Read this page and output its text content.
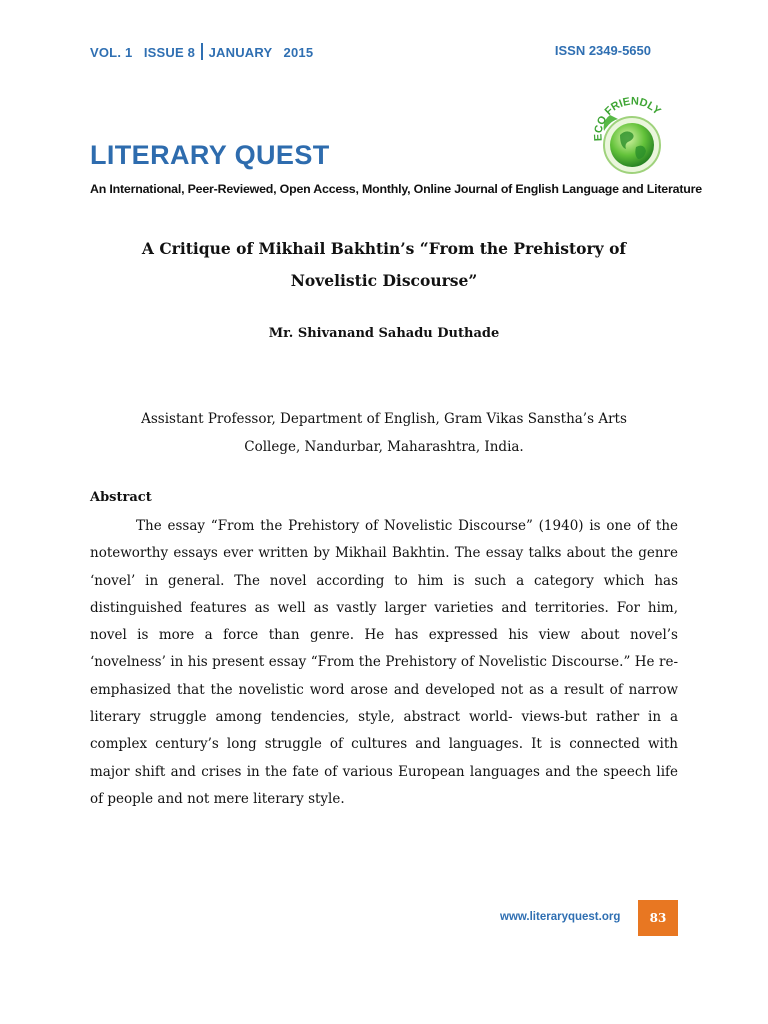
VOL. 1 ISSUE 8 JANUARY   2015	ISSN 2349-5650
ECO FRIENDLY
LITERARY QUEST
An International, Peer-Reviewed, Open Access, Monthly, Online Journal of English Language and Literature
A Critique of Mikhail Bakhtin’s “From the Prehistory of
Novelistic Discourse”
Mr. Shivanand Sahadu Duthade
Assistant Professor, Department of English, Gram Vikas Sanstha’s Arts
College, Nandurbar, Maharashtra, India.
Abstract

The essay “From the Prehistory of Novelistic Discourse” (1940) is one of the noteworthy essays ever written by Mikhail Bakhtin. The essay talks about the genre ‘novel’ in general. The novel according to him is such a category which has distinguished features as well as vastly larger varieties and territories. For him, novel is more a force than genre. He has expressed his view about novel’s ‘novelness’ in his present essay “From the Prehistory of Novelistic Discourse.” He re-emphasized that the novelistic word arose and developed not as a result of narrow literary struggle among tendencies, style, abstract world- views-but rather in a complex century’s long struggle of cultures and languages. It is connected with major shift and crises in the fate of various European languages and the speech life of people and not mere literary style.

www.literaryquest.org	83
